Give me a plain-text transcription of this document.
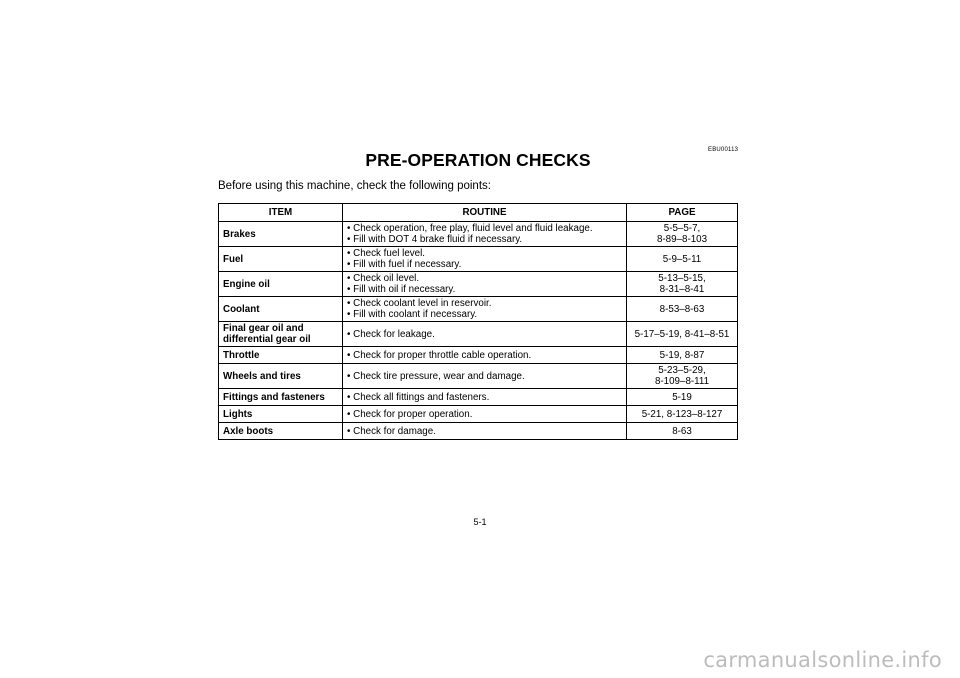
EBU00113
PRE-OPERATION CHECKS
Before using this machine, check the following points:
ITEM	ROUTINE	PAGE
Brakes	• Check operation, free play, fluid level and fluid leakage.
• Fill with DOT 4 brake fluid if necessary.	5-5–5-7,
8-89–8-103

Fuel	• Check fuel level.
• Fill with fuel if necessary.	5-9–5-11

Engine oil	• Check oil level.
• Fill with oil if necessary.	5-13–5-15,
8-31–8-41

Coolant	• Check coolant level in reservoir.
• Fill with coolant if necessary.	8-53–8-63

Final gear oil and differential gear oil	• Check for leakage.	5-17–5-19, 8-41–8-51

Throttle	• Check for proper throttle cable operation.	5-19, 8-87

Wheels and tires	• Check tire pressure, wear and damage.	5-23–5-29,
8-109–8-111

Fittings and fasteners	• Check all fittings and fasteners.	5-19

Lights	• Check for proper operation.	5-21, 8-123–8-127

Axle boots	• Check for damage.	8-63
5-1
carmanualsonline.info
